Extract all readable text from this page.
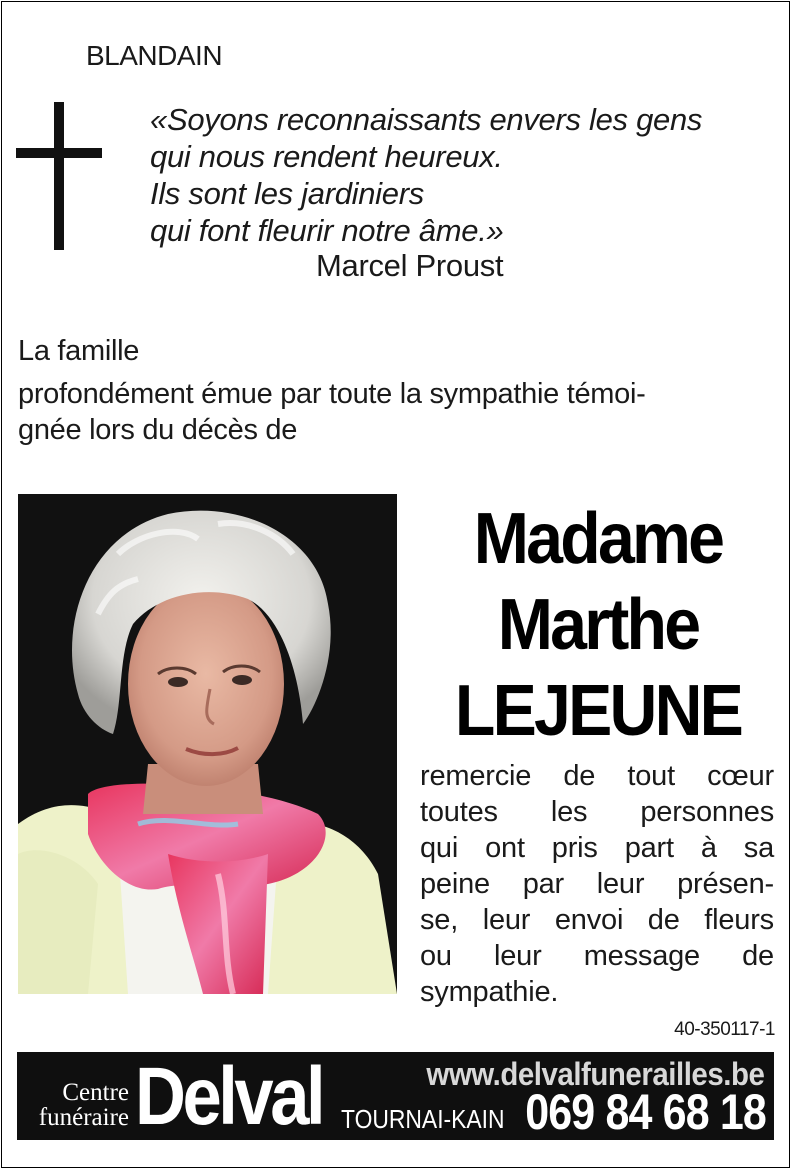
BLANDAIN
«Soyons reconnaissants envers les gens
qui nous rendent heureux.
Ils sont les jardiniers
qui font fleurir notre âme.»
Marcel Proust
La famille
profondément émue par toute la sympathie témoi-
gnée lors du décès de
Madame
Marthe
LEJEUNE
remercie de tout cœur
toutes les personnes
qui ont pris part à sa
peine par leur présen-
se, leur envoi de fleurs
ou leur message de
sympathie.
40-350117-1
Centre
funéraire Delval	www.delvalfunerailles.be
TOURNAI-KAIN 069 84 68 18
